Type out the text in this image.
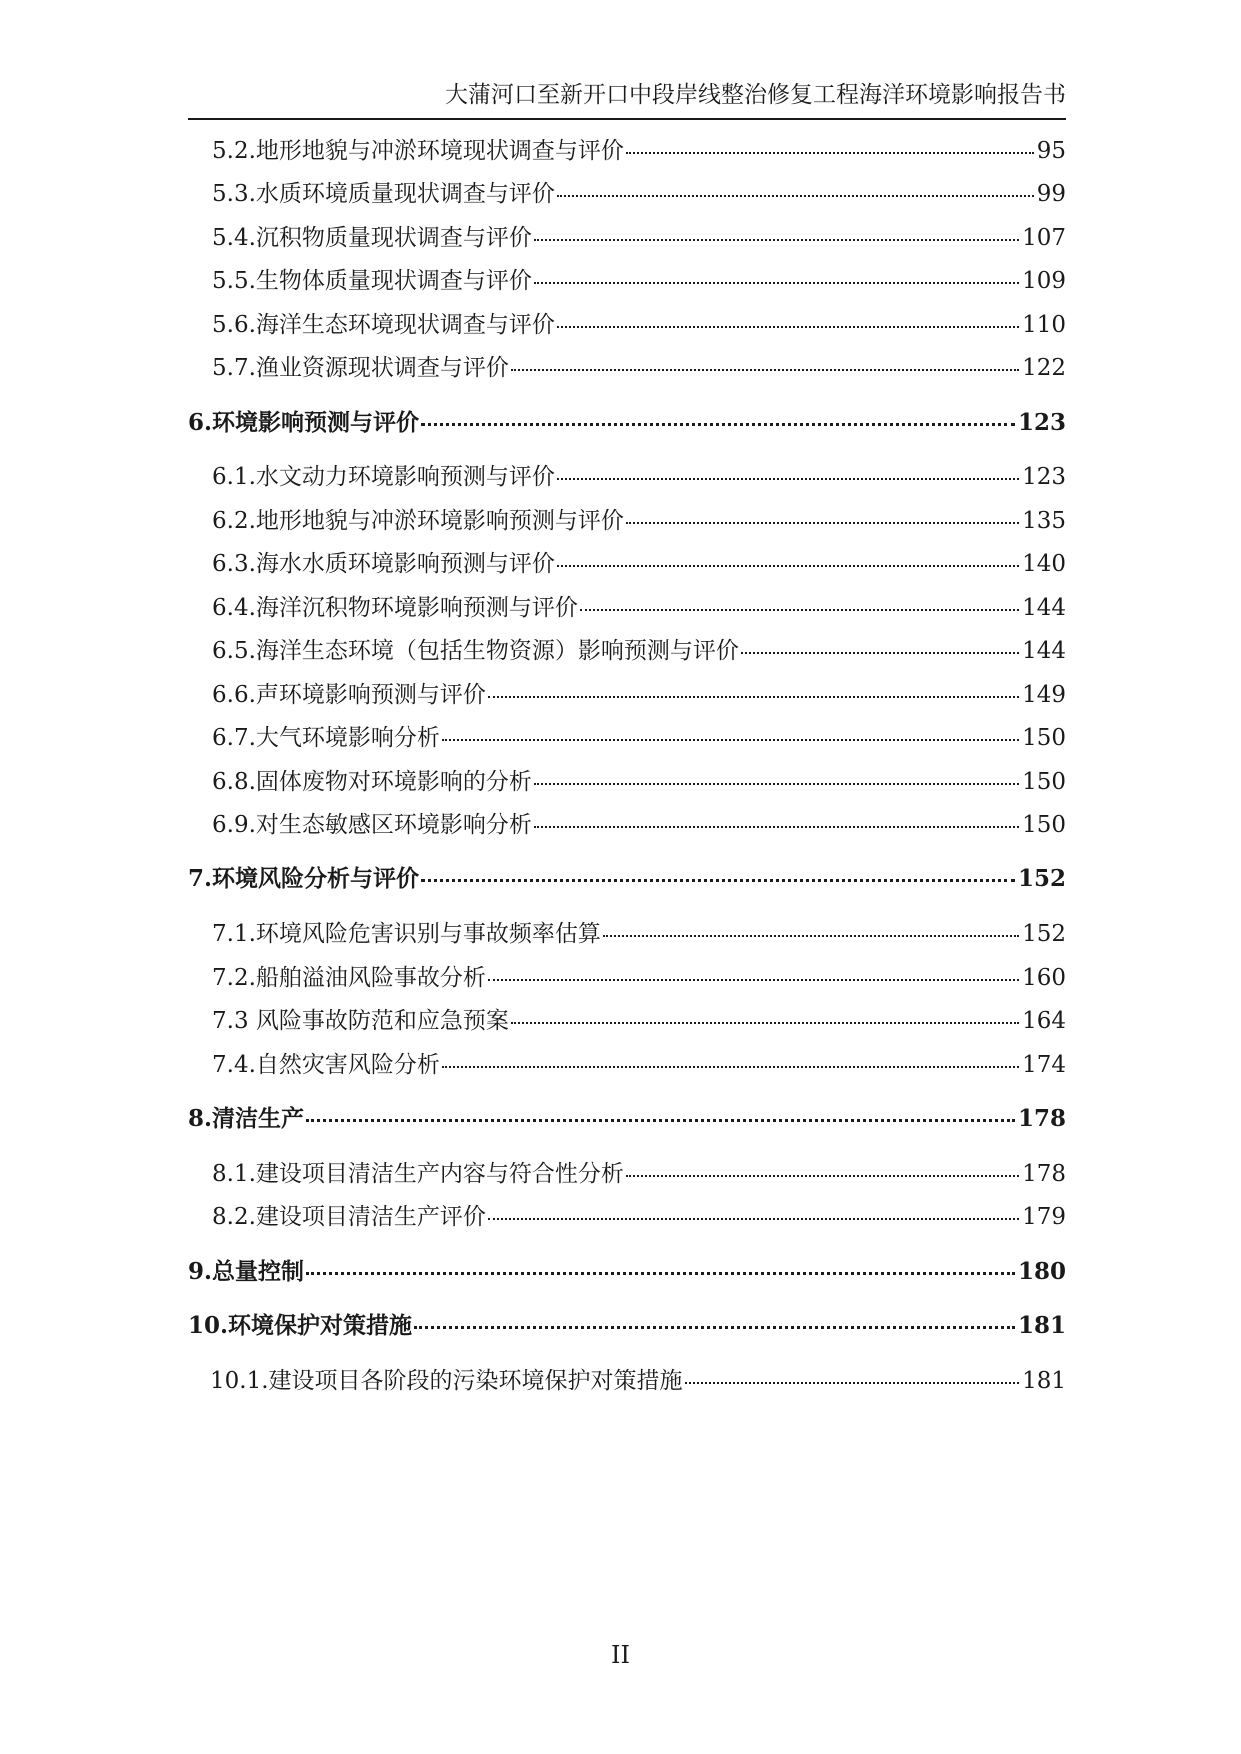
大蒲河口至新开口中段岸线整治修复工程海洋环境影响报告书
5.2.地形地貌与冲淤环境现状调查与评价	95
5.3.水质环境质量现状调查与评价	99
5.4.沉积物质量现状调查与评价	107
5.5.生物体质量现状调查与评价	109
5.6.海洋生态环境现状调查与评价	110
5.7.渔业资源现状调查与评价	122
6.环境影响预测与评价	123
6.1.水文动力环境影响预测与评价	123
6.2.地形地貌与冲淤环境影响预测与评价	135
6.3.海水水质环境影响预测与评价	140
6.4.海洋沉积物环境影响预测与评价	144
6.5.海洋生态环境（包括生物资源）影响预测与评价	144
6.6.声环境影响预测与评价	149
6.7.大气环境影响分析	150
6.8.固体废物对环境影响的分析	150
6.9.对生态敏感区环境影响分析	150
7.环境风险分析与评价	152
7.1.环境风险危害识别与事故频率估算	152
7.2.船舶溢油风险事故分析	160
7.3 风险事故防范和应急预案	164
7.4.自然灾害风险分析	174
8.清洁生产	178
8.1.建设项目清洁生产内容与符合性分析	178
8.2.建设项目清洁生产评价	179
9.总量控制	180
10.环境保护对策措施	181
10.1.建设项目各阶段的污染环境保护对策措施	181
II
